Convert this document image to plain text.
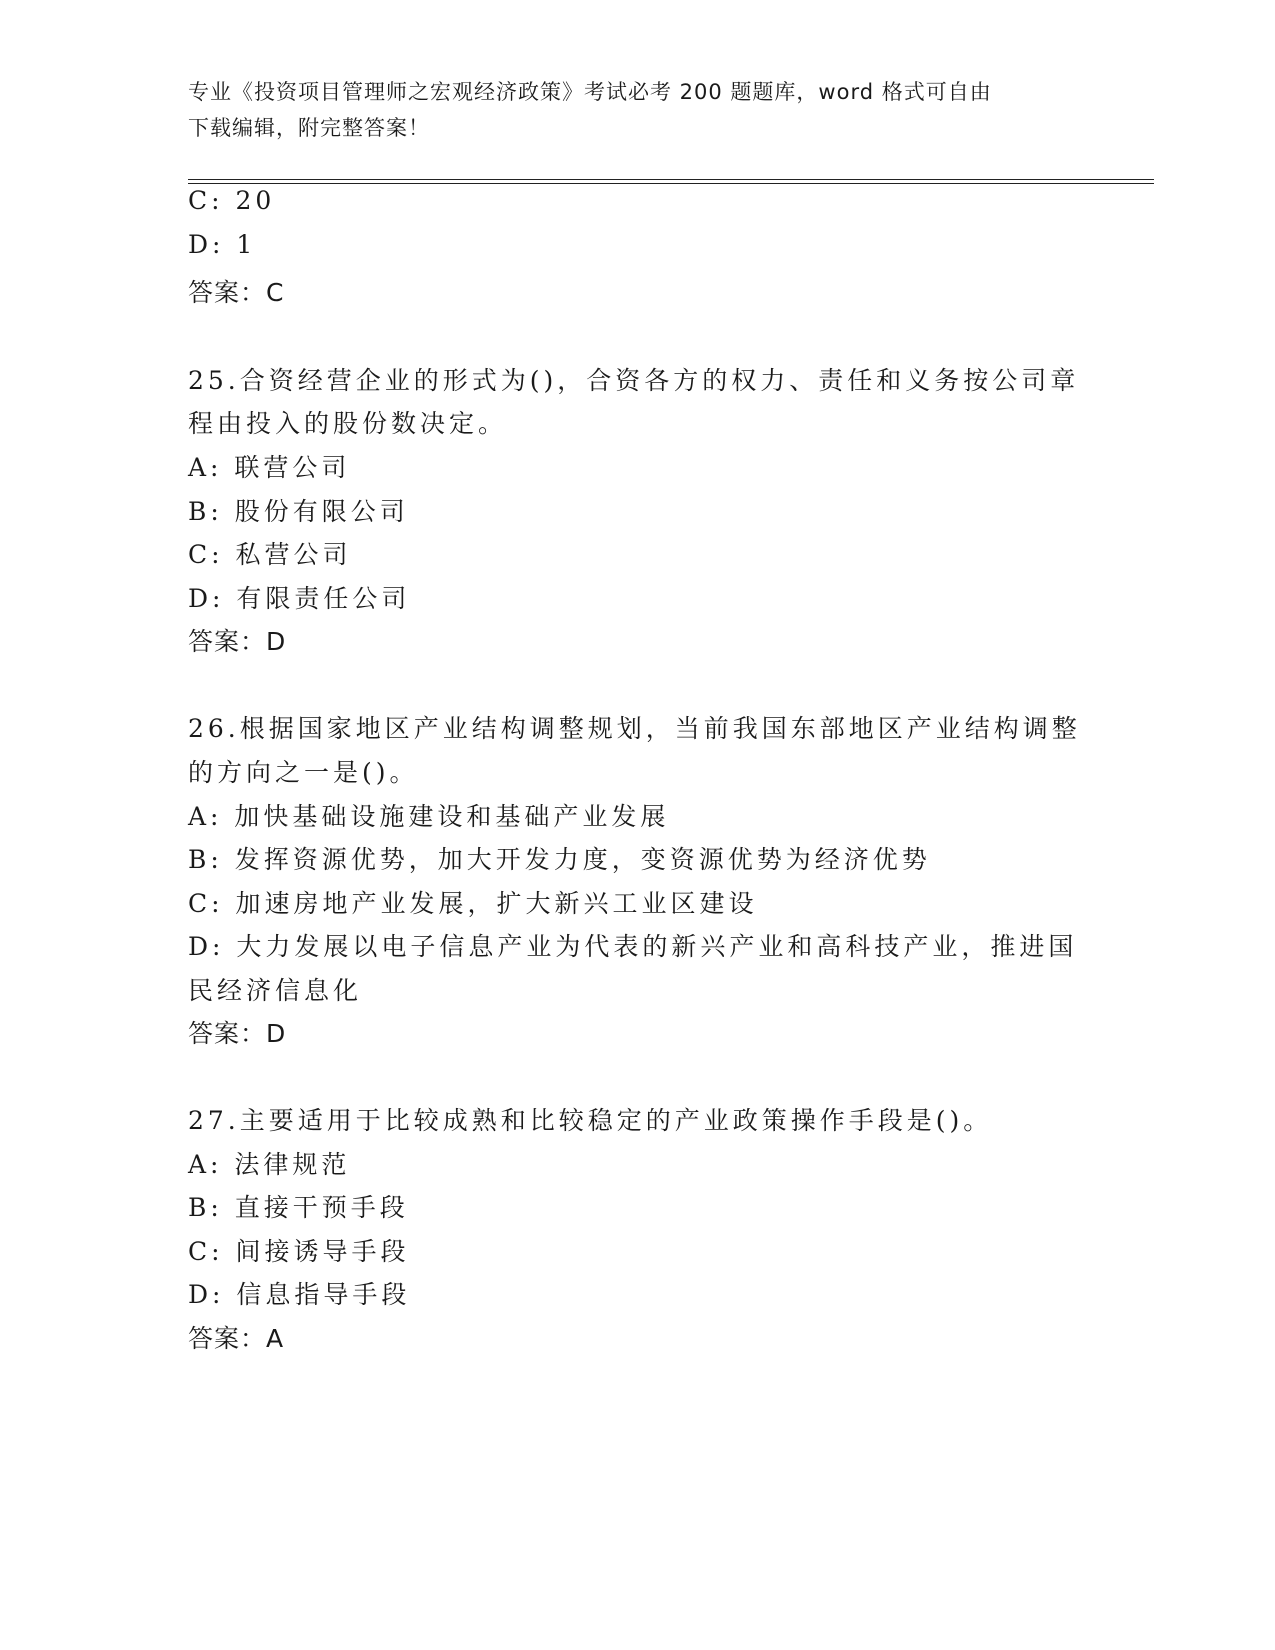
专业《投资项目管理师之宏观经济政策》考试必考 200 题题库，word 格式可自由
下载编辑，附完整答案！
C: 20
D: 1
答案：C
25.合资经营企业的形式为()，合资各方的权力、责任和义务按公司章
程由投入的股份数决定。
A: 联营公司
B: 股份有限公司
C: 私营公司
D: 有限责任公司
答案：D
26.根据国家地区产业结构调整规划，当前我国东部地区产业结构调整
的方向之一是()。
A: 加快基础设施建设和基础产业发展
B: 发挥资源优势，加大开发力度，变资源优势为经济优势
C: 加速房地产业发展，扩大新兴工业区建设
D: 大力发展以电子信息产业为代表的新兴产业和高科技产业，推进国
民经济信息化
答案：D
27.主要适用于比较成熟和比较稳定的产业政策操作手段是()。
A: 法律规范
B: 直接干预手段
C: 间接诱导手段
D: 信息指导手段
答案：A
